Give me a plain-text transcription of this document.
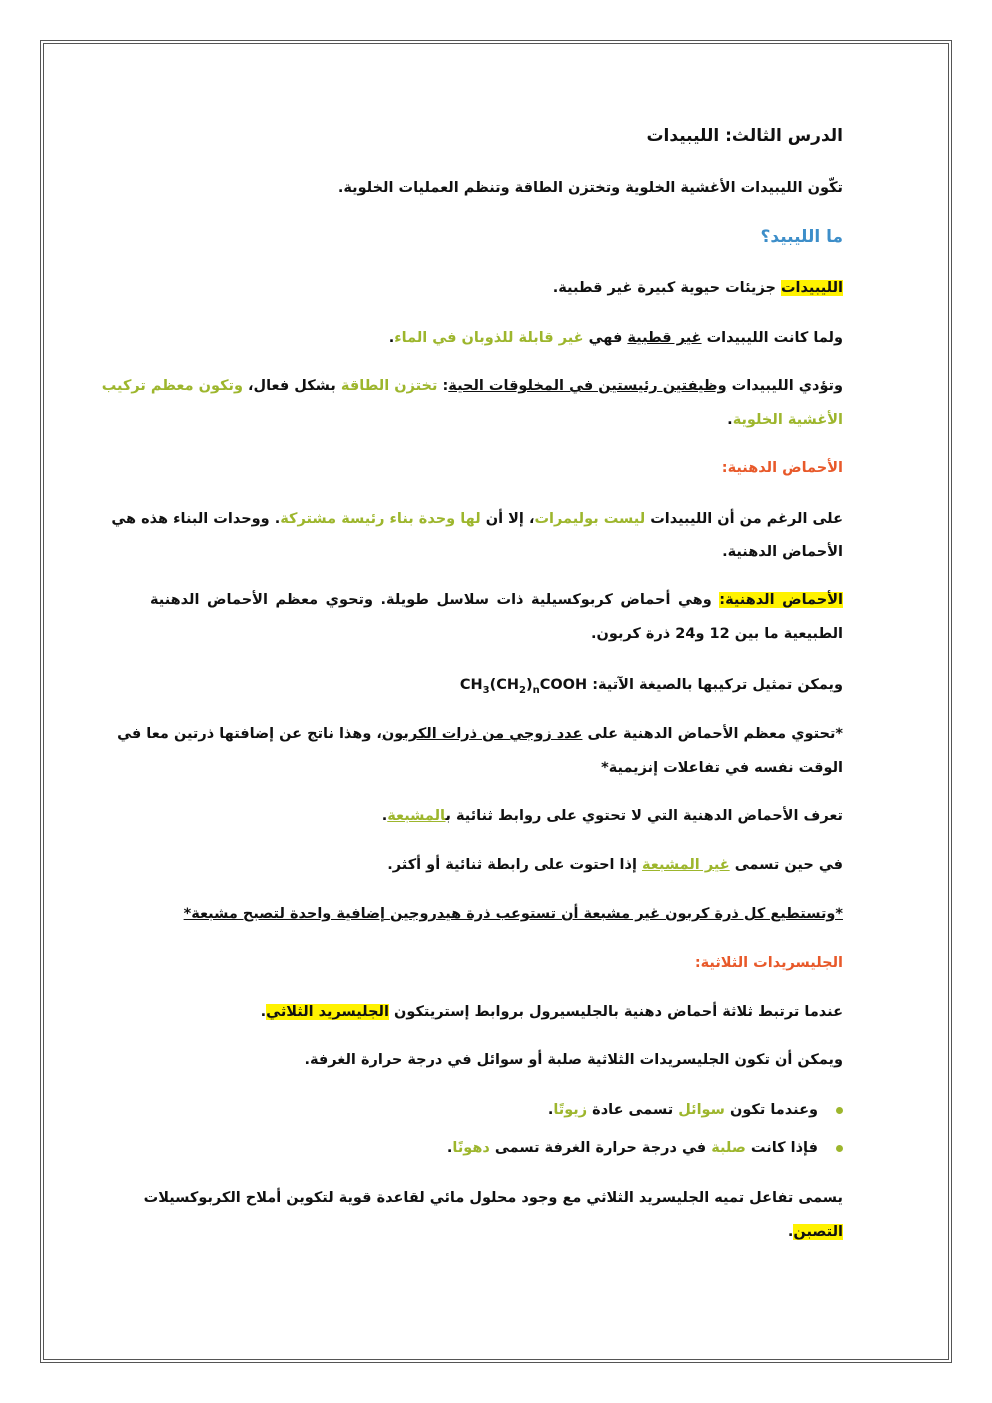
الدرس الثالث: الليبيدات
تكّون الليبيدات الأغشية الخلوية وتختزن الطاقة وتنظم العمليات الخلوية.
ما الليبيد؟
الليبيدات جزيئات حيوية كبيرة غير قطبية.
ولما كانت الليبيدات غير قطبية فهي غير قابلة للذوبان في الماء.
وتؤدي الليبيدات وظيفتين رئيستين في المخلوقات الحية: تختزن الطاقة بشكل فعال، وتكون معظم تركيب
الأغشية الخلوية.
الأحماض الدهنية:
على الرغم من أن الليبيدات ليست بوليمرات، إلا أن لها وحدة بناء رئيسة مشتركة. ووحدات البناء هذه هي
الأحماض الدهنية.
الأحماض الدهنية: وهي أحماض كربوكسيلية ذات سلاسل طويلة. وتحوي معظم الأحماض الدهنية
الطبيعية ما بين 12 و24 ذرة كربون.
ويمكن تمثيل تركيبها بالصيغة الآتية: $CH_3(CH_2)_nCOOH$
*تحتوي معظم الأحماض الدهنية على عدد زوجي من ذرات الكربون، وهذا ناتج عن إضافتها ذرتين معا في
الوقت نفسه في تفاعلات إنزيمية*
تعرف الأحماض الدهنية التي لا تحتوي على روابط ثنائية بالمشبعة.
في حين تسمى غير المشبعة إذا احتوت على رابطة ثنائية أو أكثر.
*وتستطيع كل ذرة كربون غير مشبعة أن تستوعب ذرة هيدروجين إضافية واحدة لتصبح مشبعة*
الجليسريدات الثلاثية:
عندما ترتبط ثلاثة أحماض دهنية بالجليسيرول بروابط إستريتكون الجليسريد الثلاثي.
ويمكن أن تكون الجليسريدات الثلاثية صلبة أو سوائل في درجة حرارة الغرفة.
وعندما تكون سوائل تسمى عادة زيوتًا.
فإذا كانت صلبة في درجة حرارة الغرفة تسمى دهونًا.
يسمى تفاعل تميه الجليسريد الثلاثي مع وجود محلول مائي لقاعدة قوية لتكوين أملاح الكربوكسيلات
التصبن.
